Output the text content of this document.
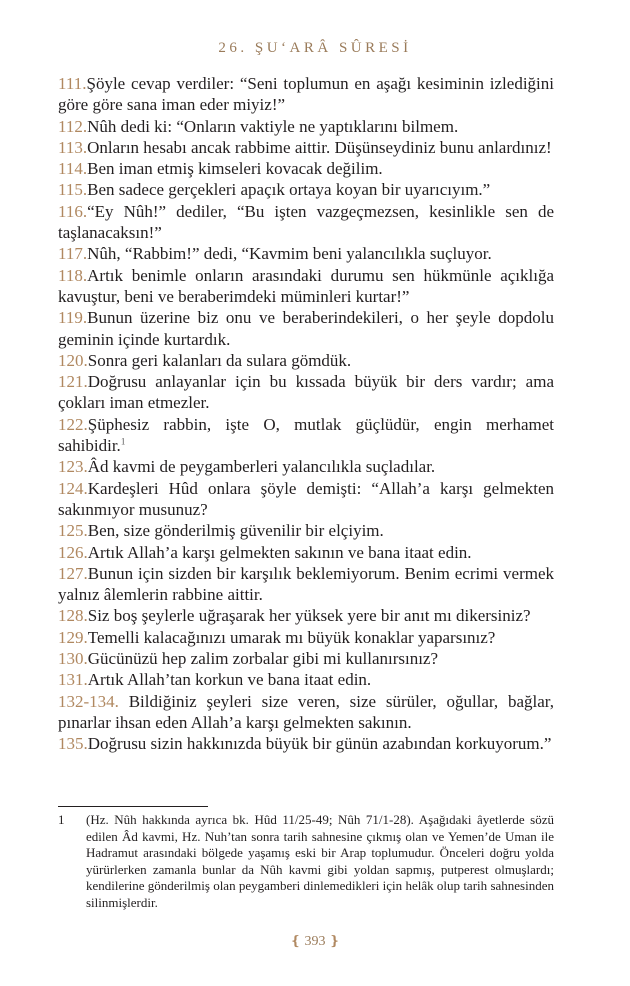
26. ŞU‘ARÂ SÛRESİ
111.Şöyle cevap verdiler: “Seni toplumun en aşağı kesiminin izlediğini göre göre sana iman eder miyiz!”
112.Nûh dedi ki: “Onların vaktiyle ne yaptıklarını bilmem.
113.Onların hesabı ancak rabbime aittir. Düşünseydiniz bunu anlardınız!
114.Ben iman etmiş kimseleri kovacak değilim.
115.Ben sadece gerçekleri apaçık ortaya koyan bir uyarıcıyım.”
116.“Ey Nûh!” dediler, “Bu işten vazgeçmezsen, kesinlikle sen de taşlanacaksın!”
117.Nûh, “Rabbim!” dedi, “Kavmim beni yalancılıkla suçluyor.
118.Artık benimle onların arasındaki durumu sen hükmünle açıklığa kavuştur, beni ve beraberimdeki müminleri kurtar!”
119.Bunun üzerine biz onu ve beraberindekileri, o her şeyle dopdolu geminin içinde kurtardık.
120.Sonra geri kalanları da sulara gömdük.
121.Doğrusu anlayanlar için bu kıssada büyük bir ders vardır; ama çokları iman etmezler.
122.Şüphesiz rabbin, işte O, mutlak güçlüdür, engin merhamet sahibidir.$^1$
123.Âd kavmi de peygamberleri yalancılıkla suçladılar.
124.Kardeşleri Hûd onlara şöyle demişti: “Allah’a karşı gelmekten sakınmıyor musunuz?
125.Ben, size gönderilmiş güvenilir bir elçiyim.
126.Artık Allah’a karşı gelmekten sakının ve bana itaat edin.
127.Bunun için sizden bir karşılık beklemiyorum. Benim ecrimi vermek yalnız âlemlerin rabbine aittir.
128.Siz boş şeylerle uğraşarak her yüksek yere bir anıt mı dikersiniz?
129.Temelli kalacağınızı umarak mı büyük konaklar yaparsınız?
130.Gücünüzü hep zalim zorbalar gibi mi kullanırsınız?
131.Artık Allah’tan korkun ve bana itaat edin.
132-134. Bildiğiniz şeyleri size veren, size sürüler, oğullar, bağlar, pınarlar ihsan eden Allah’a karşı gelmekten sakının.
135.Doğrusu sizin hakkınızda büyük bir günün azabından korkuyorum.”
1	(Hz. Nûh hakkında ayrıca bk. Hûd 11/25-49; Nûh 71/1-28). Aşağıdaki âyetlerde sözü edilen Âd kavmi, Hz. Nuh’tan sonra tarih sahnesine çıkmış olan ve Yemen’de Uman ile Hadramut arasındaki bölgede yaşamış eski bir Arap toplumudur. Önceleri doğru yolda yürürlerken zamanla bunlar da Nûh kavmi gibi yoldan sapmış, putperest olmuşlardı; kendilerine gönderilmiş olan peygamberi dinlemedikleri için helâk olup tarih sahnesinden silinmişlerdir.
❴ 393 ❵
